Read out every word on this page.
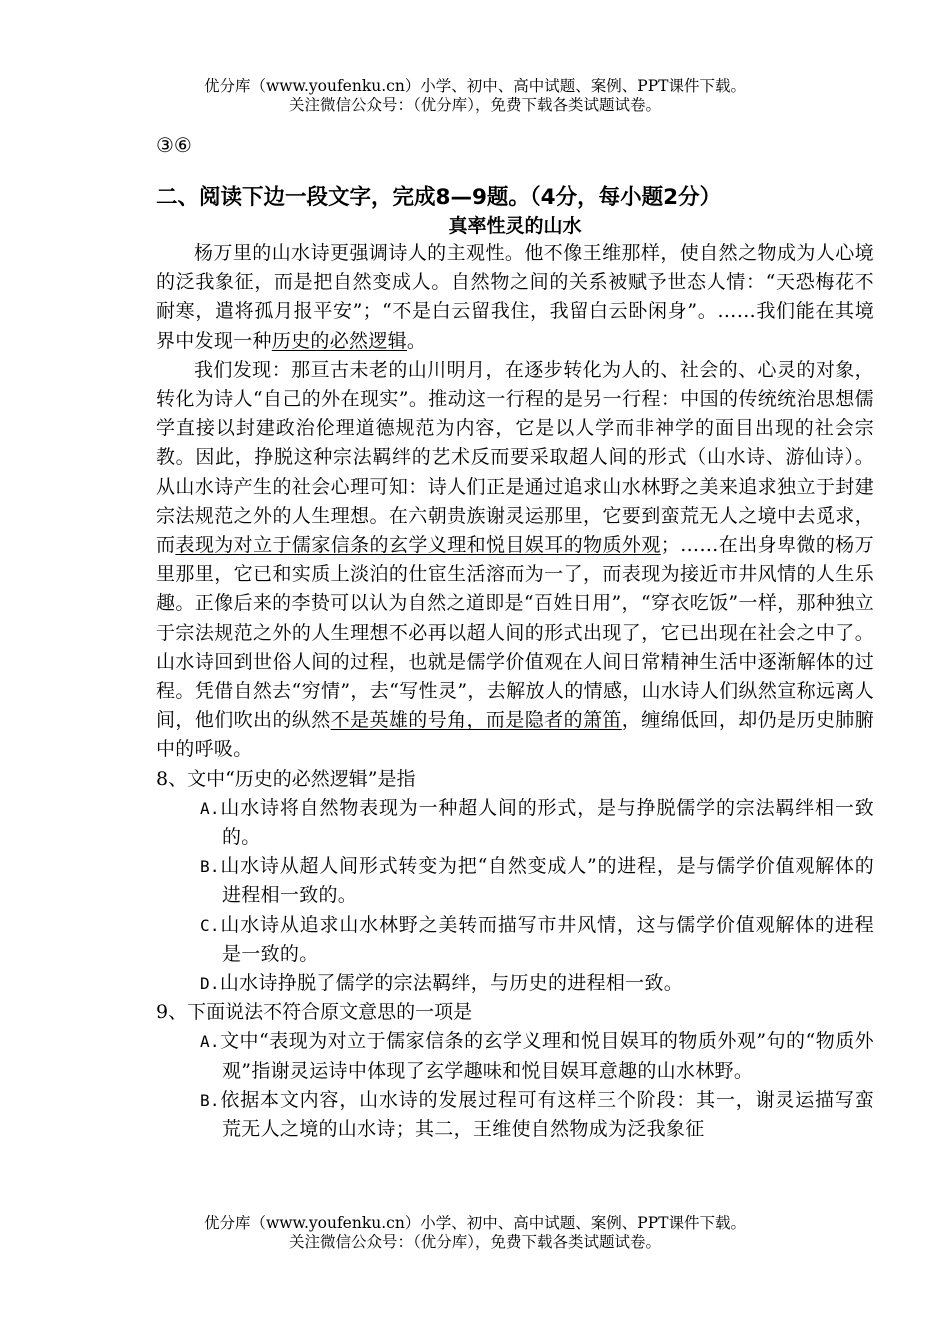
优分库（www.youfenku.cn）小学、初中、高中试题、案例、PPT课件下载。
关注微信公众号：（优分库），免费下载各类试题试卷。

③⑥

二、阅读下边一段文字，完成8—9题。（4分，每小题2分）

真率性灵的山水

杨万里的山水诗更强调诗人的主观性。他不像王维那样，使自然之物成为人心境的泛我象征，而是把自然变成人。自然物之间的关系被赋予世态人情：“天恐梅花不耐寒，遣将孤月报平安”；“不是白云留我住，我留白云卧闲身”。……我们能在其境界中发现一种历史的必然逻辑。

我们发现：那亘古未老的山川明月，在逐步转化为人的、社会的、心灵的对象，转化为诗人“自己的外在现实”。推动这一行程的是另一行程：中国的传统统治思想儒学直接以封建政治伦理道德规范为内容，它是以人学而非神学的面目出现的社会宗教。因此，挣脱这种宗法羁绊的艺术反而要采取超人间的形式（山水诗、游仙诗）。从山水诗产生的社会心理可知：诗人们正是通过追求山水林野之美来追求独立于封建宗法规范之外的人生理想。在六朝贵族谢灵运那里，它要到蛮荒无人之境中去觅求，而表现为对立于儒家信条的玄学义理和悦目娱耳的物质外观；……在出身卑微的杨万里那里，它已和实质上淡泊的仕宦生活溶而为一了，而表现为接近市井风情的人生乐趣。正像后来的李贽可以认为自然之道即是“百姓日用”，“穿衣吃饭”一样，那种独立于宗法规范之外的人生理想不必再以超人间的形式出现了，它已出现在社会之中了。山水诗回到世俗人间的过程，也就是儒学价值观在人间日常精神生活中逐渐解体的过程。凭借自然去“穷情”，去“写性灵”，去解放人的情感，山水诗人们纵然宣称远离人间，他们吹出的纵然不是英雄的号角，而是隐者的箫笛，缠绵低回，却仍是历史肺腑中的呼吸。

8、文中“历史的必然逻辑”是指

A.山水诗将自然物表现为一种超人间的形式，是与挣脱儒学的宗法羁绊相一致的。

B.山水诗从超人间形式转变为把“自然变成人”的进程，是与儒学价值观解体的进程相一致的。

C.山水诗从追求山水林野之美转而描写市井风情，这与儒学价值观解体的进程是一致的。

D.山水诗挣脱了儒学的宗法羁绊，与历史的进程相一致。

9、下面说法不符合原文意思的一项是

A.文中“表现为对立于儒家信条的玄学义理和悦目娱耳的物质外观”句的“物质外观”指谢灵运诗中体现了玄学趣味和悦目娱耳意趣的山水林野。

B.依据本文内容，山水诗的发展过程可有这样三个阶段：其一，谢灵运描写蛮荒无人之境的山水诗；其二，王维使自然物成为泛我象征

优分库（www.youfenku.cn）小学、初中、高中试题、案例、PPT课件下载。
关注微信公众号：（优分库），免费下载各类试题试卷。
